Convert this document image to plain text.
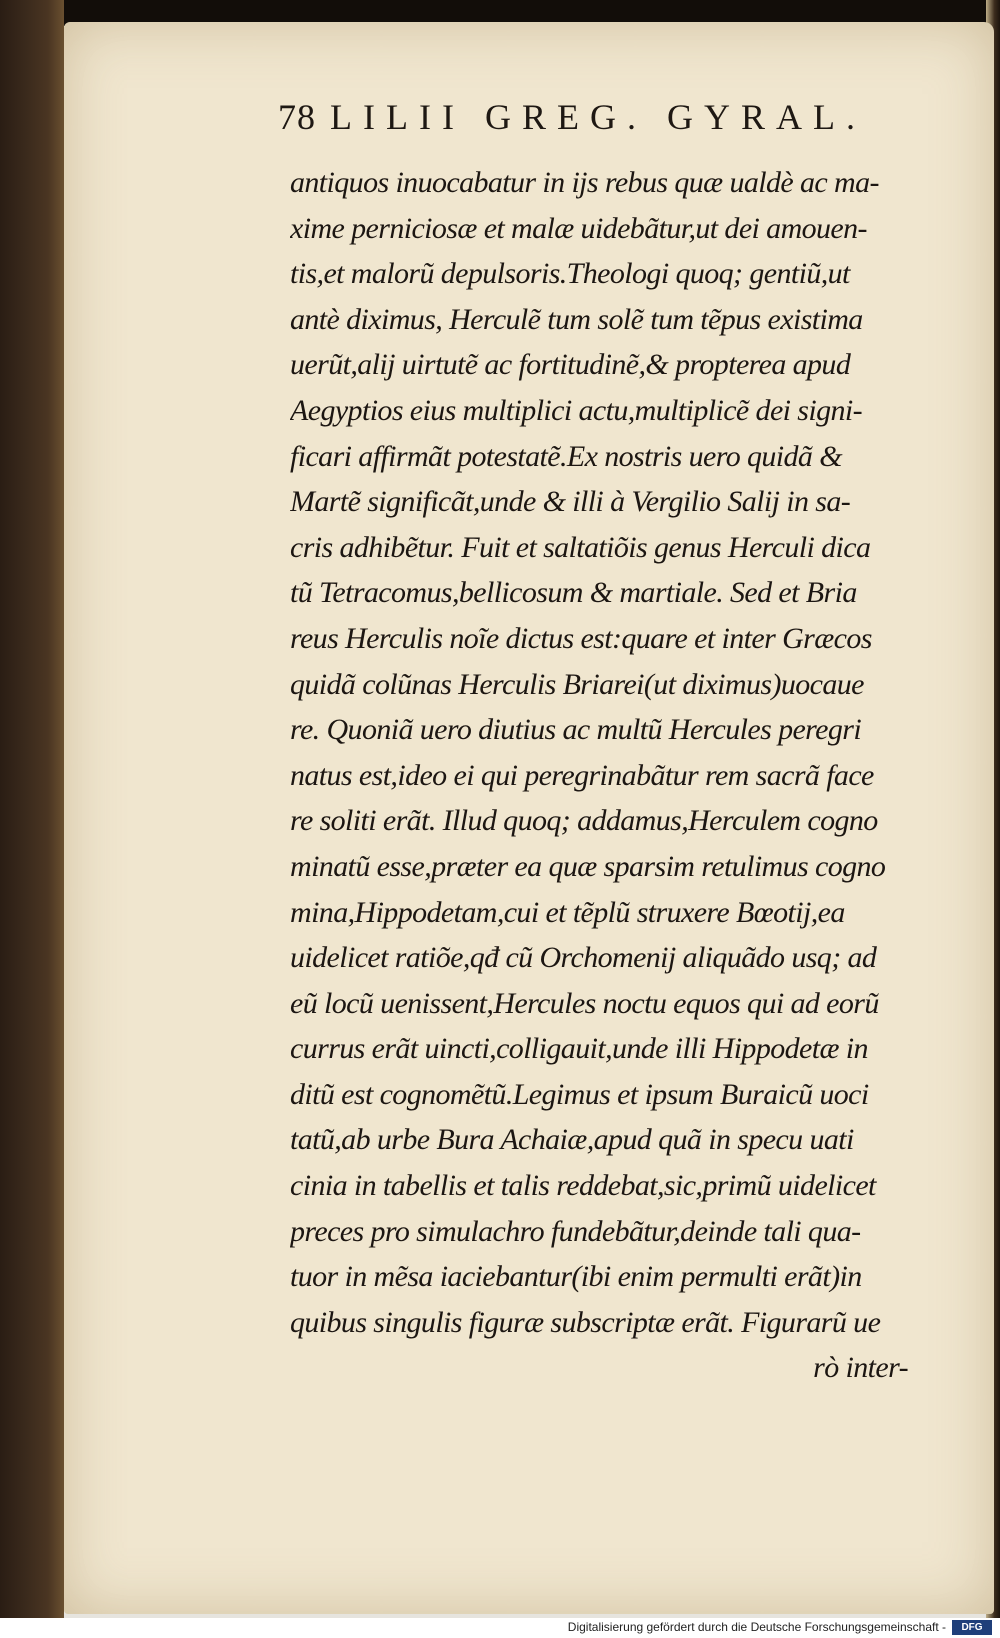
78 LILII GREG. GYRAL.
antiquos inuocabatur in ijs rebus quæ ualdè ac ma-
xime perniciosæ et malæ uidebãtur,ut dei amouen-
tis,et malorũ depulsoris.Theologi quoq; gentiũ,ut
antè diximus, Herculẽ tum solẽ tum tẽpus existima
uerũt,alij uirtutẽ ac fortitudinẽ,& propterea apud
Aegyptios eius multiplici actu,multiplicẽ dei signi-
ficari affirmãt potestatẽ.Ex nostris uero quidã &
Martẽ significãt,unde & illi à Vergilio Salij in sa-
cris adhibẽtur. Fuit et saltatiõis genus Herculi dica
tũ Tetracomus,bellicosum & martiale. Sed et Bria
reus Herculis noĩe dictus est:quare et inter Græcos
quidã colũnas Herculis Briarei(ut diximus)uocaue
re. Quoniã uero diutius ac multũ Hercules peregri
natus est,ideo ei qui peregrinabãtur rem sacrã face
re soliti erãt. Illud quoq; addamus,Herculem cogno
minatũ esse,præter ea quæ sparsim retulimus cogno
mina,Hippodetam,cui et tẽplũ struxere Bœotij,ea
uidelicet ratiõe,qđ cũ Orchomenij aliquãdo usq; ad
eũ locũ uenissent,Hercules noctu equos qui ad eorũ
currus erãt uincti,colligauit,unde illi Hippodetæ in
ditũ est cognomẽtũ.Legimus et ipsum Buraicũ uoci
tatũ,ab urbe Bura Achaiæ,apud quã in specu uati
cinia in tabellis et talis reddebat,sic,primũ uidelicet
preces pro simulachro fundebãtur,deinde tali qua-
tuor in mẽsa iaciebantur(ibi enim permulti erãt)in
quibus singulis figuræ subscriptæ erãt. Figurarũ ue
rò inter-
Digitalisierung gefördert durch die Deutsche Forschungsgemeinschaft -	DFG
